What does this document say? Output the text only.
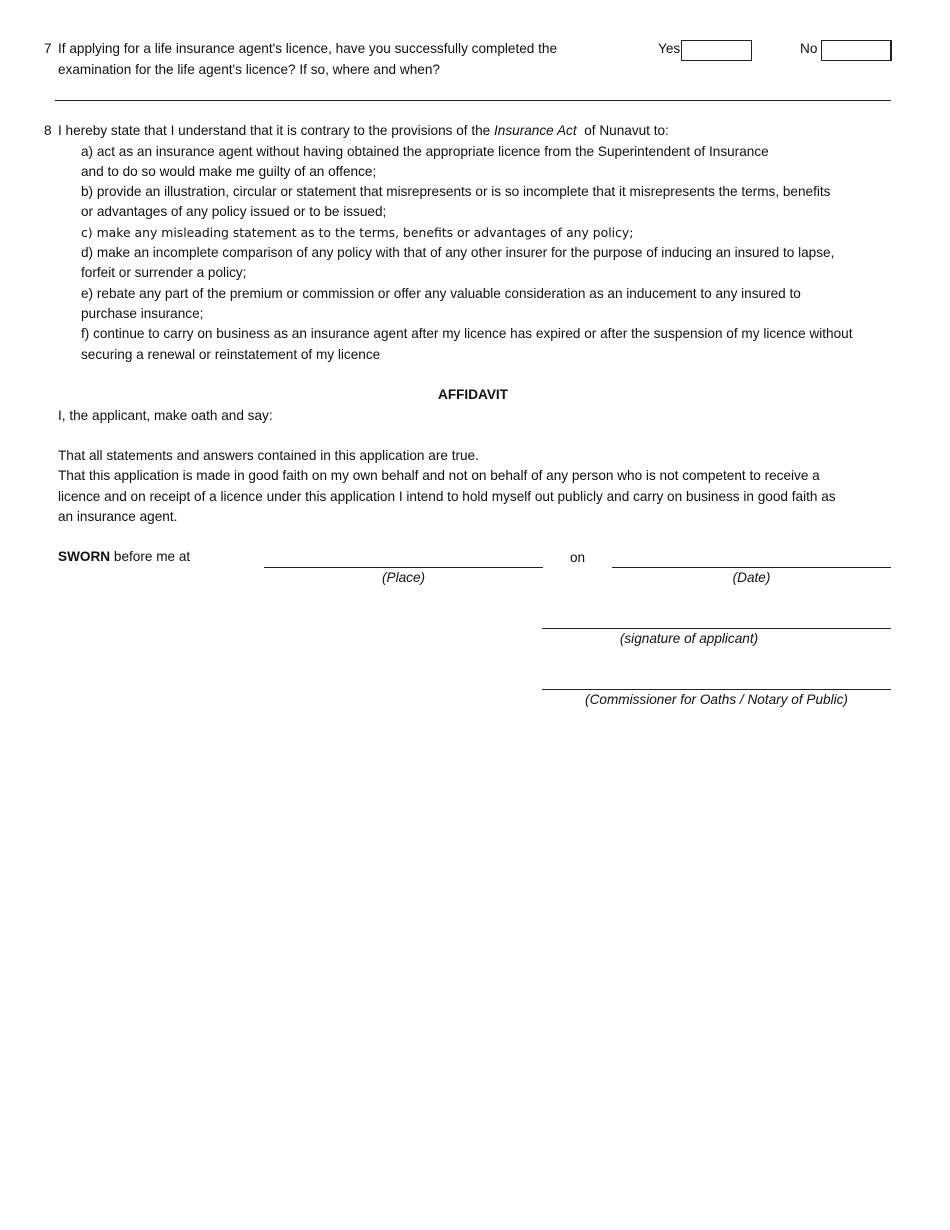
7 If applying for a life insurance agent's licence, have you successfully completed the
examination for the life agent's licence? If so, where and when?
Yes	No
8 I hereby state that I understand that it is contrary to the provisions of the Insurance Act of Nunavut to:
a) act as an insurance agent without having obtained the appropriate licence from the Superintendent of Insurance
and to do so would make me guilty of an offence;
b) provide an illustration, circular or statement that misrepresents or is so incomplete that it misrepresents the terms, benefits
or advantages of any policy issued or to be issued;
c) make any misleading statement as to the terms, benefits or advantages of any policy;
d) make an incomplete comparison of any policy with that of any other insurer for the purpose of inducing an insured to lapse,
forfeit or surrender a policy;
e) rebate any part of the premium or commission or offer any valuable consideration as an inducement to any insured to
purchase insurance;
f) continue to carry on business as an insurance agent after my licence has expired or after the suspension of my licence without
securing a renewal or reinstatement of my licence
AFFIDAVIT
I, the applicant, make oath and say:
That all statements and answers contained in this application are true.
That this application is made in good faith on my own behalf and not on behalf of any person who is not competent to receive a
licence and on receipt of a licence under this application I intend to hold myself out publicly and carry on business in good faith as
an insurance agent.
SWORN before me at
(Place)
on
(Date)
(signature of applicant)
(Commissioner for Oaths / Notary of Public)
